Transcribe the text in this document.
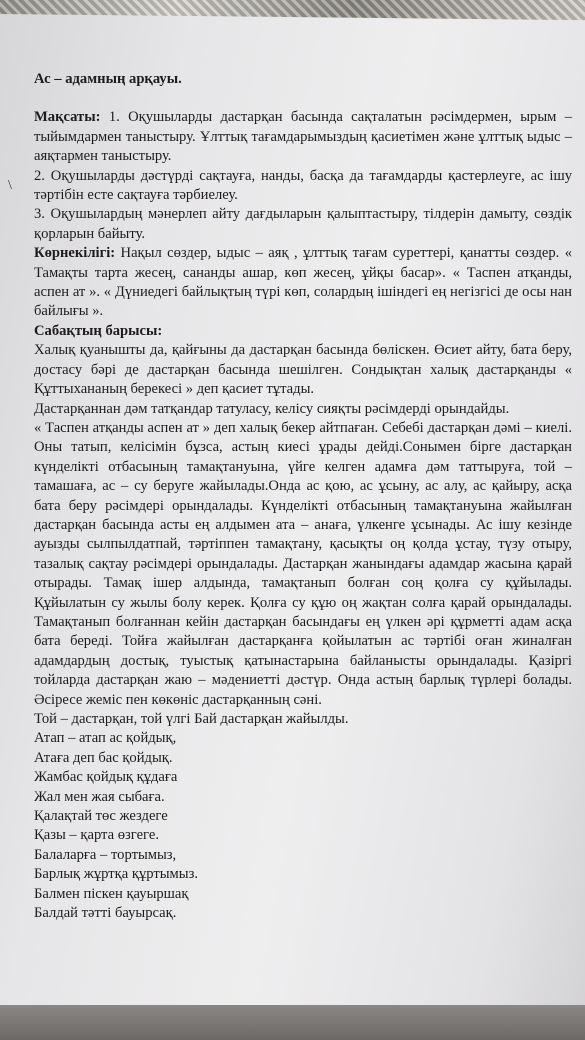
\

Ас – адамның арқауы.

Мақсаты: 1. Оқушыларды дастарқан басында сақталатын рәсімдермен, ырым – тыйымдармен таныстыру. Ұлттық тағамдарымыздың қасиетімен және ұлттық ыдыс – аяқтармен таныстыру.

2. Оқушыларды дәстүрді сақтауға, нанды, басқа да тағамдарды қастерлеуге, ас ішу тәртібін есте сақтауға тәрбиелеу.

3. Оқушылардың мәнерлеп айту дағдыларын қалыптастыру, тілдерін дамыту, сөздік қорларын байыту.

Көрнекілігі: Нақыл сөздер, ыдыс – аяқ , ұлттық тағам суреттері, қанатты сөздер. « Тамақты тарта жесең, сананды ашар, көп жесең, ұйқы басар». « Таспен атқанды, аспен ат ». « Дүниедегі байлықтың түрі көп, солардың ішіндегі ең негізгісі де осы нан байлығы ».

Сабақтың барысы:

Халық қуанышты да, қайғыны да дастарқан басында бөліскен. Өсиет айту, бата беру, достасу бәрі де дастарқан басында шешілген. Сондықтан халық дастарқанды « Құттыхананың берекесі » деп қасиет тұтады.

Дастарқаннан дәм татқандар татуласу, келісу сияқты рәсімдерді орындайды.

« Таспен атқанды аспен ат » деп халық бекер айтпаған. Себебі дастарқан дәмі – киелі. Оны татып, келісімін бұзса, астың киесі ұрады дейді.Сонымен бірге дастарқан күнделікті отбасының тамақтануына, үйге келген адамға дәм таттыруға, той – тамашаға, ас – су беруге жайылады.Онда ас қою, ас ұсыну, ас алу, ас қайыру, асқа бата беру рәсімдері орындалады. Күнделікті отбасының тамақтануына жайылған дастарқан басында асты ең алдымен ата – анаға, үлкенге ұсынады. Ас ішу кезінде ауызды сылпылдатпай, тәртіппен тамақтану, қасықты оң қолда ұстау, түзу отыру, тазалық сақтау рәсімдері орындалады. Дастарқан жанындағы адамдар жасына қарай отырады. Тамақ ішер алдында, тамақтанып болған соң қолға су құйылады. Құйылатын су жылы болу керек. Қолға су құю оң жақтан солға қарай орындалады. Тамақтанып болғаннан кейін дастарқан басындағы ең үлкен әрі құрметті адам асқа бата береді. Тойға жайылған дастарқанға қойылатын ас тәртібі оған жиналған адамдардың достық, туыстық қатынастарына байланысты орындалады. Қазіргі тойларда дастарқан жаю – мәдениетті дәстүр. Онда астың барлық түрлері болады. Әсіресе жеміс пен көкөніс дастарқанның сәні.

Той – дастарқан, той үлгі Бай дастарқан жайылды.

Атап – атап ас қойдық,

Атаға деп бас қойдық.

Жамбас қойдық құдаға

Жал мен жая сыбаға.

Қалақтай төс жездеге

Қазы – қарта өзгеге.

Балаларға – тортымыз,

Барлық жұртқа құртымыз.

Балмен піскен қауыршақ

Балдай тәтті бауырсақ.
